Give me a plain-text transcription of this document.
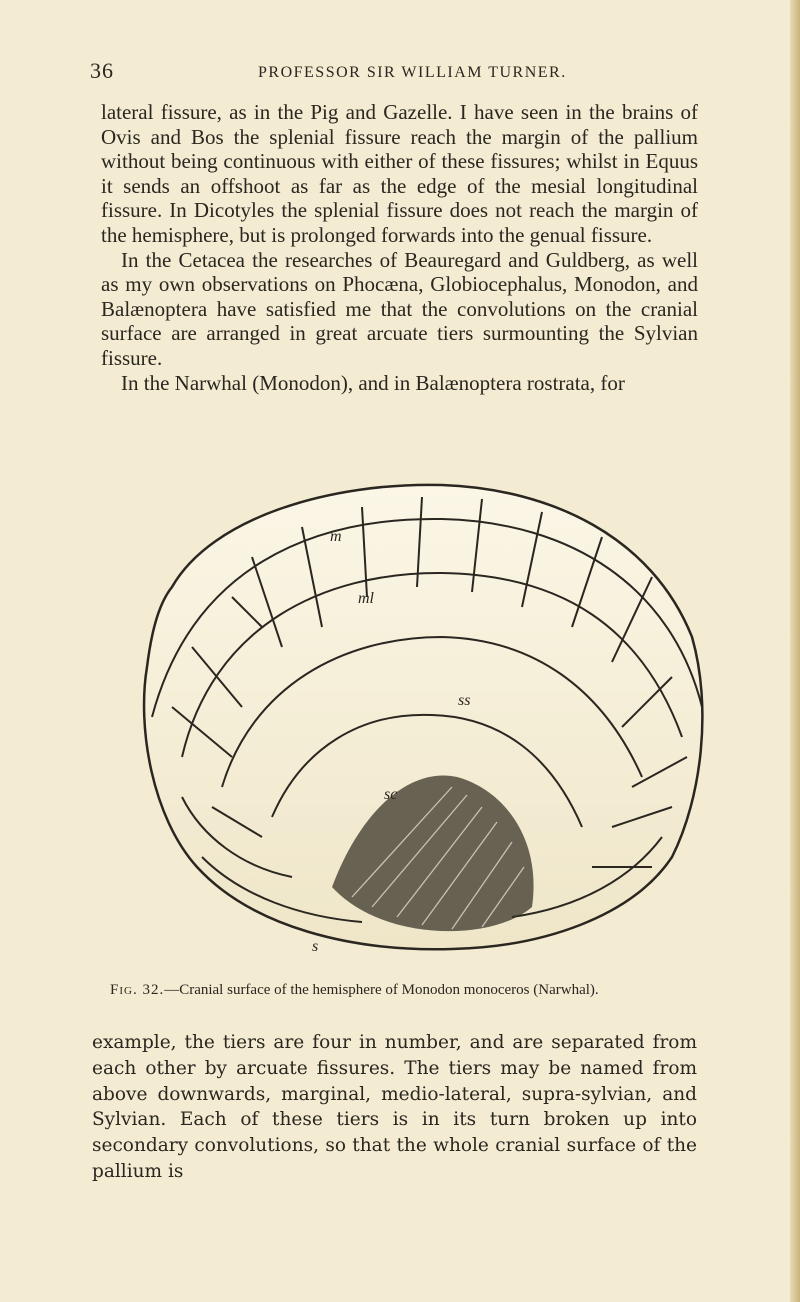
36	PROFESSOR SIR WILLIAM TURNER.

lateral fissure, as in the Pig and Gazelle. I have seen in the brains of Ovis and Bos the splenial fissure reach the margin of the pallium without being continuous with either of these fissures; whilst in Equus it sends an offshoot as far as the edge of the mesial longitudinal fissure. In Dicotyles the splenial fissure does not reach the margin of the hemisphere, but is prolonged forwards into the genual fissure.

In the Cetacea the researches of Beauregard and Guldberg, as well as my own observations on Phocæna, Globiocephalus, Monodon, and Balænoptera have satisfied me that the convolutions on the cranial surface are arranged in great arcuate tiers surmounting the Sylvian fissure.

In the Narwhal (Monodon), and in Balænoptera rostrata, for

m
ml
ss
sc
s
Fig. 32.—Cranial surface of the hemisphere of Monodon monoceros (Narwhal).

example, the tiers are four in number, and are separated from each other by arcuate fissures. The tiers may be named from above downwards, marginal, medio-lateral, supra-sylvian, and Sylvian. Each of these tiers is in its turn broken up into secondary convolutions, so that the whole cranial surface of the pallium is
